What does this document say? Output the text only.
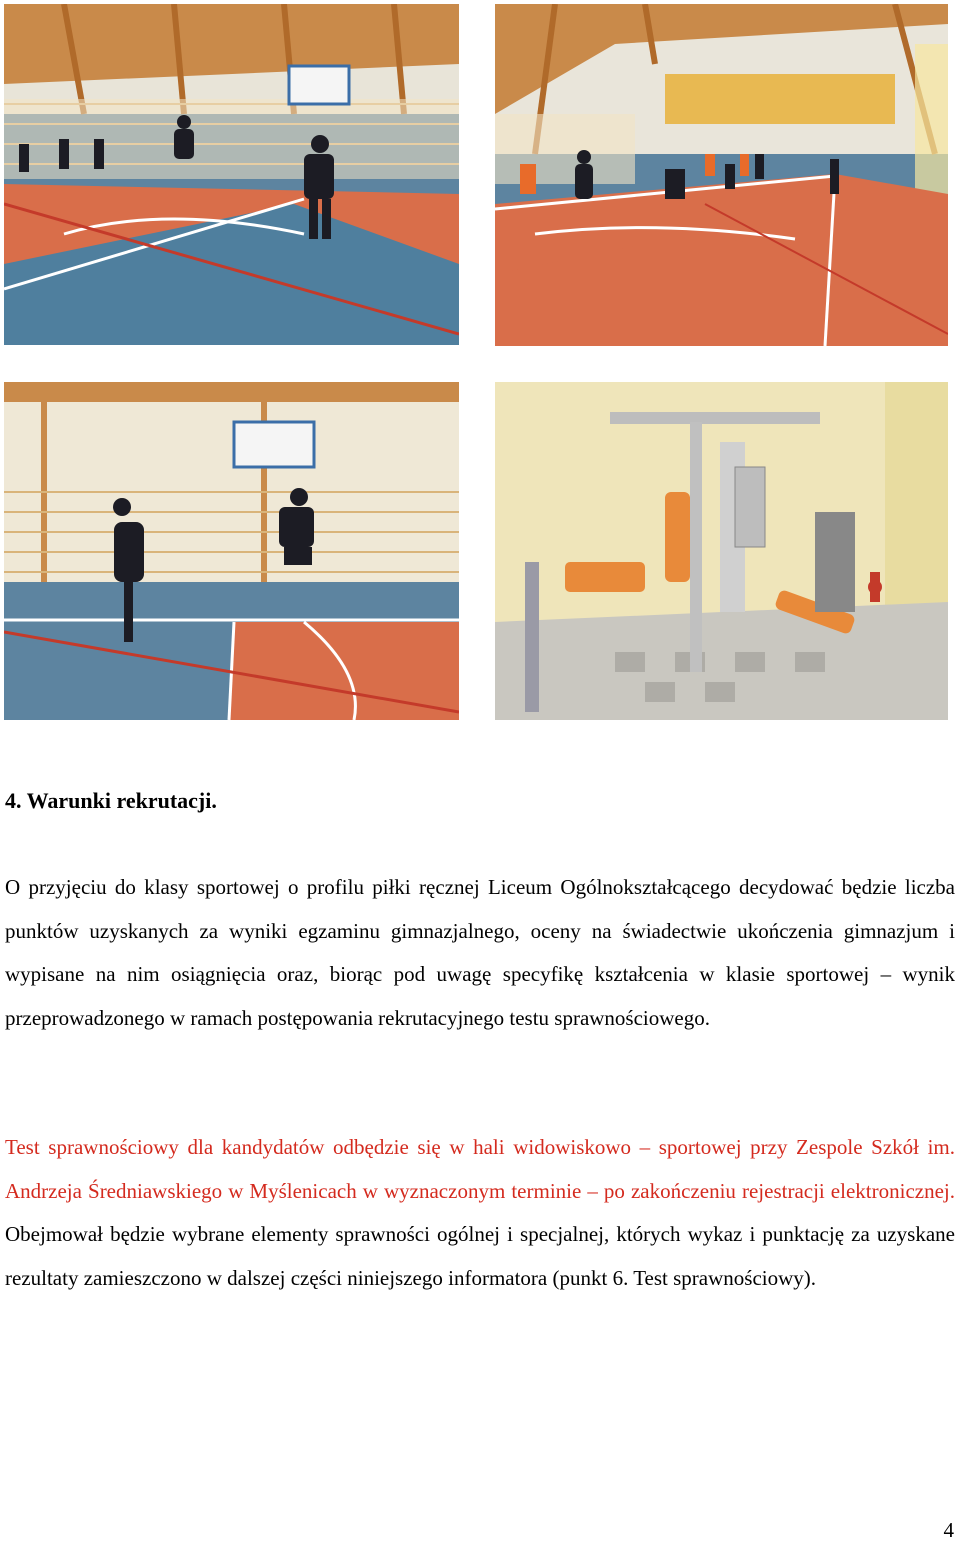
4. Warunki rekrutacji.
O przyjęciu do klasy sportowej o profilu piłki ręcznej Liceum Ogólnokształcącego decydować będzie liczba punktów uzyskanych za wyniki egzaminu gimnazjalnego, oceny na świadectwie ukończenia gimnazjum i wypisane na nim osiągnięcia oraz, biorąc pod uwagę specyfikę kształcenia w klasie sportowej – wynik przeprowadzonego w ramach postępowania rekrutacyjnego testu sprawnościowego.
Test sprawnościowy dla kandydatów odbędzie się w hali widowiskowo – sportowej przy Zespole Szkół im. Andrzeja Średniawskiego w Myślenicach w wyznaczonym terminie – po zakończeniu rejestracji elektronicznej. Obejmował będzie wybrane elementy sprawności ogólnej i specjalnej, których wykaz i punktację za uzyskane rezultaty zamieszczono w dalszej części niniejszego informatora (punkt 6. Test sprawnościowy).
4
